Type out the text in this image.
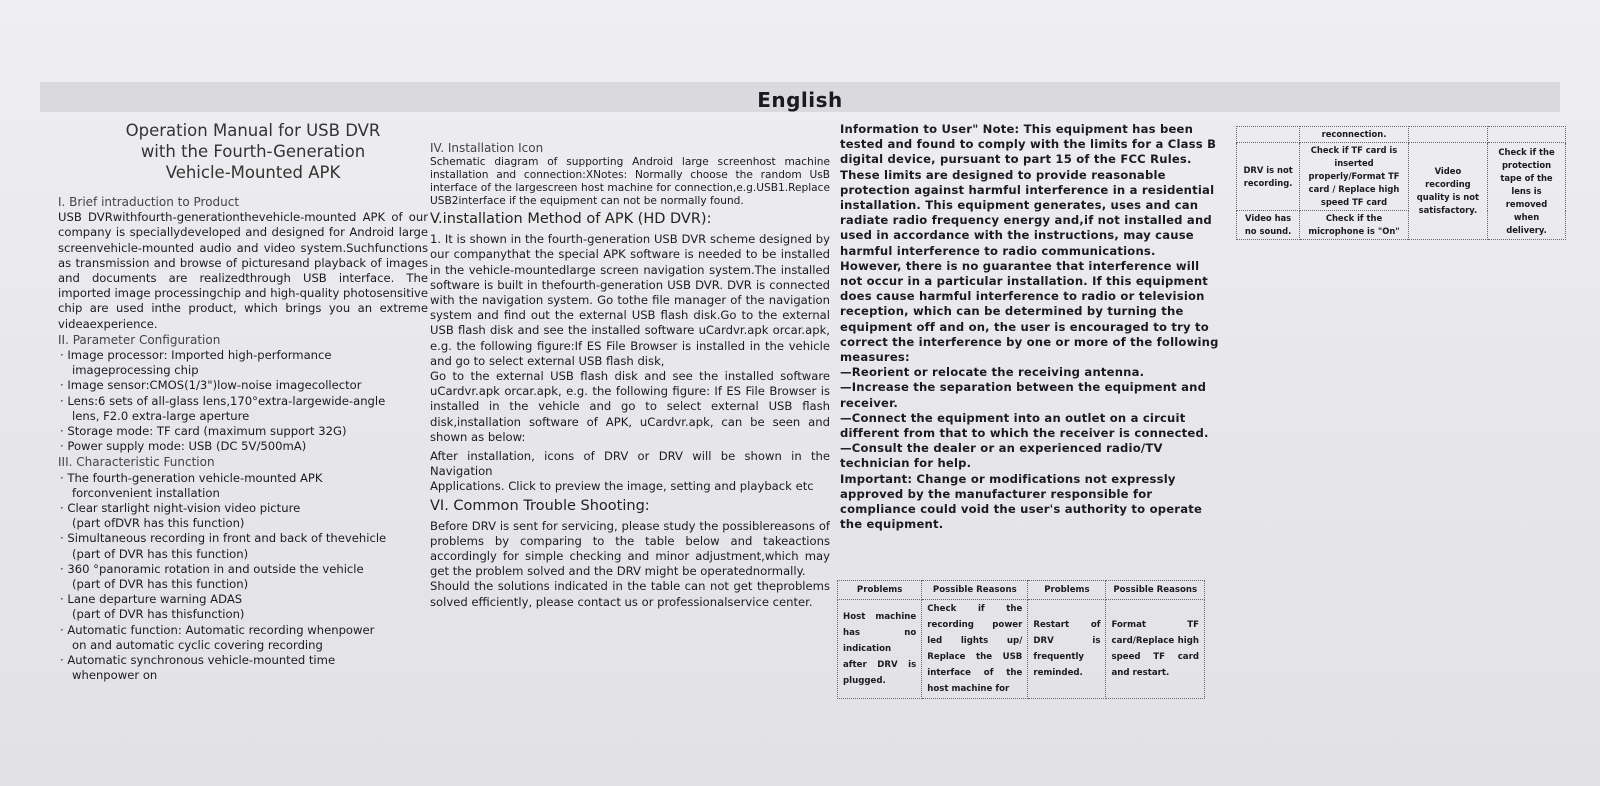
English
Operation Manual for USB DVR
with the Fourth-Generation
Vehicle-Mounted APK
I. Brief intraduction to Product
USB DVRwithfourth-generationthevehicle-mounted APK of our company is speciallydeveloped and designed for Android large screenvehicle-mounted audio and video system.Suchfunctions as transmission and browse of picturesand playback of images and documents are realizedthrough USB interface. The imported image processingchip and high-quality photosensitive chip are used inthe product, which brings you an extreme videaexperience.
II. Parameter Configuration
· Image processor: Imported high-performance
imageprocessing chip
· Image sensor:CMOS(1/3")low-noise imagecollector
· Lens:6 sets of all-glass lens,170°extra-largewide-angle
lens, F2.0 extra-large aperture
· Storage mode: TF card (maximum support 32G)
· Power supply mode: USB (DC 5V/500mA)
III. Characteristic Function
· The fourth-generation vehicle-mounted APK
forconvenient installation
· Clear starlight night-vision video picture
(part ofDVR has this function)
· Simultaneous recording in front and back of thevehicle
(part of DVR has this function)
· 360 °panoramic rotation in and outside the vehicle
(part of DVR has this function)
· Lane departure warning ADAS
(part of DVR has thisfunction)
· Automatic function: Automatic recording whenpower
on and automatic cyclic covering recording
· Automatic synchronous vehicle-mounted time
whenpower on
IV. Installation Icon
Schematic diagram of supporting Android large screenhost machine installation and connection:XNotes: Normally choose the random UsB interface of the largescreen host machine for connection,e.g.USB1.Replace USB2interface if the equipment can not be normally found.
V.installation Method of APK (HD DVR):
1. It is shown in the fourth-generation USB DVR scheme designed by our companythat the special APK software is needed to be installed in the vehicle-mountedlarge screen navigation system.The installed software is built in thefourth-generation USB DVR. DVR is connected with the navigation system. Go tothe file manager of the navigation system and find out the external USB flash disk.Go to the external USB flash disk and see the installed software uCardvr.apk orcar.apk, e.g. the following figure:If ES File Browser is installed in the vehicle and go to select external USB flash disk,
Go to the external USB flash disk and see the installed software uCardvr.apk orcar.apk, e.g. the following figure: If ES File Browser is installed in the vehicle and go to select external USB flash disk,installation software of APK, uCardvr.apk, can be seen and shown as below:
After installation, icons of DRV or DRV will be shown in the Navigation
Applications. Click to preview the image, setting and playback etc
VI. Common Trouble Shooting:
Before DRV is sent for servicing, please study the possiblereasons of problems by comparing to the table below and takeactions accordingly for simple checking and minor adjustment,which may get the problem solved and the DRV might be operatednormally.
Should the solutions indicated in the table can not get theproblems solved efficiently, please contact us or professionalservice center.

Information to User" Note: This equipment has been tested and found to comply with the limits for a Class B digital device, pursuant to part 15 of the FCC Rules. These limits are designed to provide reasonable protection against harmful interference in a residential installation. This equipment generates, uses and can radiate radio frequency energy and,if not installed and used in accordance with the instructions, may cause harmful interference to radio communications. However, there is no guarantee that interference will not occur in a particular installation. If this equipment does cause harmful interference to radio or television reception, which can be determined by turning the equipment off and on, the user is encouraged to try to correct the interference by one or more of the following measures:

—Reorient or relocate the receiving antenna.

—Increase the separation between the equipment and receiver.

—Connect the equipment into an outlet on a circuit different from that to which the receiver is connected.

—Consult the dealer or an experienced radio/TV technician for help.

Important: Change or modifications not expressly approved by the manufacturer responsible for compliance could void the user's authority to operate the equipment.

Problems	Possible Reasons	Problems	Possible Reasons
Host machine has no indication after DRV is plugged.	Check if the recording power led lights up/ Replace the USB interface of the host machine for	Restart of DRV is frequently reminded.	Format TF card/Replace high speed TF card and restart.
	reconnection.		
DRV is not recording.	Check if TF card is inserted properly/Format TF card / Replace high speed TF card	Video recording quality is not satisfactory.	Check if the protection tape of the lens is removed when delivery.
Video has no sound.	Check if the microphone is "On"		
